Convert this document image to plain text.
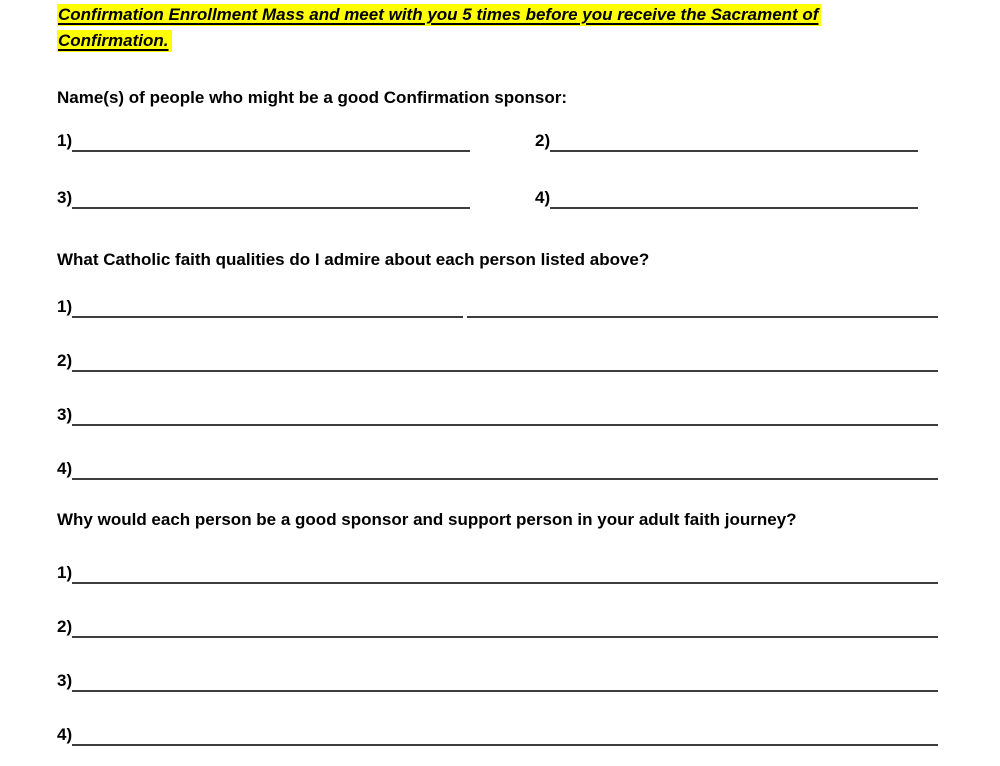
Confirmation Enrollment Mass and meet with you 5 times before you receive the Sacrament of
Confirmation.

Name(s) of people who might be a good Confirmation sponsor:
1)	2)
3)	4)
What Catholic faith qualities do I admire about each person listed above?
1)
2)
3)
4)
Why would each person be a good sponsor and support person in your adult faith journey?
1)
2)
3)
4)
